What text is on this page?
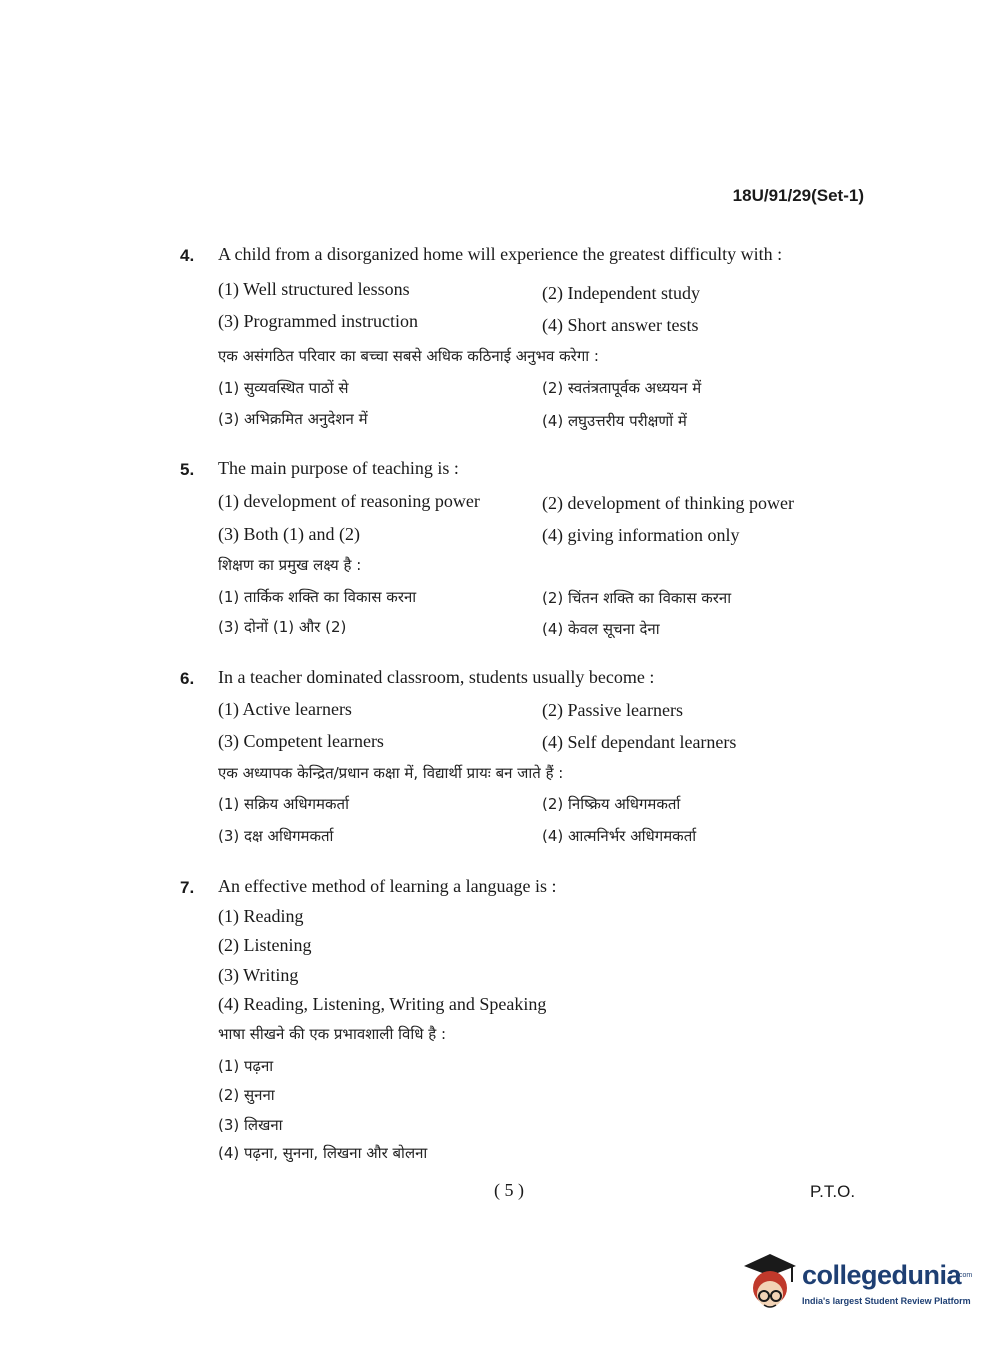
18U/91/29(Set-1)
4. A child from a disorganized home will experience the greatest difficulty with :
(1) Well structured lessons	(2) Independent study
(3) Programmed instruction	(4) Short answer tests
एक असंगठित परिवार का बच्चा सबसे अधिक कठिनाई अनुभव करेगा :
(1) सुव्यवस्थित पाठों से	(2) स्वतंत्रतापूर्वक अध्ययन में
(3) अभिक्रमित अनुदेशन में	(4) लघुउत्तरीय परीक्षणों में
5. The main purpose of teaching is :
(1) development of reasoning power	(2) development of thinking power
(3) Both (1) and (2)	(4) giving information only
शिक्षण का प्रमुख लक्ष्य है :
(1) तार्किक शक्ति का विकास करना	(2) चिंतन शक्ति का विकास करना
(3) दोनों (1) और (2)	(4) केवल सूचना देना
6. In a teacher dominated classroom, students usually become :
(1) Active learners	(2) Passive learners
(3) Competent learners	(4) Self dependant learners
एक अध्यापक केन्द्रित/प्रधान कक्षा में, विद्यार्थी प्रायः बन जाते हैं :
(1) सक्रिय अधिगमकर्ता	(2) निष्क्रिय अधिगमकर्ता
(3) दक्ष अधिगमकर्ता	(4) आत्मनिर्भर अधिगमकर्ता
7. An effective method of learning a language is :
(1) Reading
(2) Listening
(3) Writing
(4) Reading, Listening, Writing and Speaking
भाषा सीखने की एक प्रभावशाली विधि है :
(1) पढ़ना
(2) सुनना
(3) लिखना
(4) पढ़ना, सुनना, लिखना और बोलना
( 5 )	P.T.O.
collegedunia
.com
India's largest Student Review Platform
